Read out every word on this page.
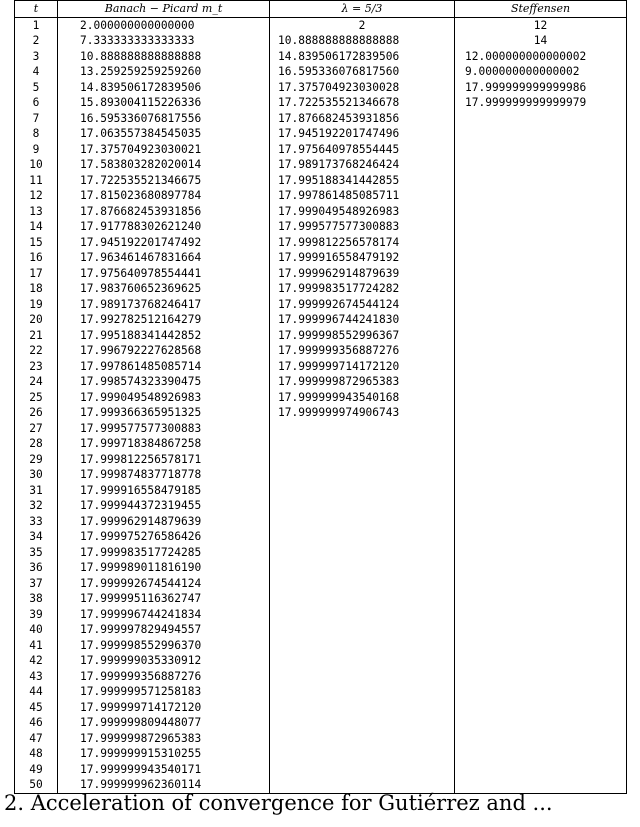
t	Banach − Picard m_t	λ = 5/3	Steffensen
1	2.000000000000000	2	12
2	7.333333333333333	10.888888888888888	14
3	10.888888888888888	14.839506172839506	12.000000000000002
4	13.259259259259260	16.595336076817560	9.000000000000002
5	14.839506172839506	17.375704923030028	17.999999999999986
6	15.893004115226336	17.722535521346678	17.999999999999979
7	16.595336076817556	17.876682453931856	
8	17.063557384545035	17.945192201747496	
9	17.375704923030021	17.975640978554445	
10	17.583803282020014	17.989173768246424	
11	17.722535521346675	17.995188341442855	
12	17.815023680897784	17.997861485085711	
13	17.876682453931856	17.999049548926983	
14	17.917788302621240	17.999577577300883	
15	17.945192201747492	17.999812256578174	
16	17.963461467831664	17.999916558479192	
17	17.975640978554441	17.999962914879639	
18	17.983760652369625	17.999983517724282	
19	17.989173768246417	17.999992674544124	
20	17.992782512164279	17.999996744241830	
21	17.995188341442852	17.999998552996367	
22	17.996792227628568	17.999999356887276	
23	17.997861485085714	17.999999714172120	
24	17.998574323390475	17.999999872965383	
25	17.999049548926983	17.999999943540168	
26	17.999366365951325	17.999999974906743	
27	17.999577577300883		
28	17.999718384867258		
29	17.999812256578171		
30	17.999874837718778		
31	17.999916558479185		
32	17.999944372319455		
33	17.999962914879639		
34	17.999975276586426		
35	17.999983517724285		
36	17.999989011816190		
37	17.999992674544124		
38	17.999995116362747		
39	17.999996744241834		
40	17.999997829494557		
41	17.999998552996370		
42	17.999999035330912		
43	17.999999356887276		
44	17.999999571258183		
45	17.999999714172120		
46	17.999999809448077		
47	17.999999872965383		
48	17.999999915310255		
49	17.999999943540171		
50	17.999999962360114		
2. Acceleration of convergence for Gutiérrez and ...
